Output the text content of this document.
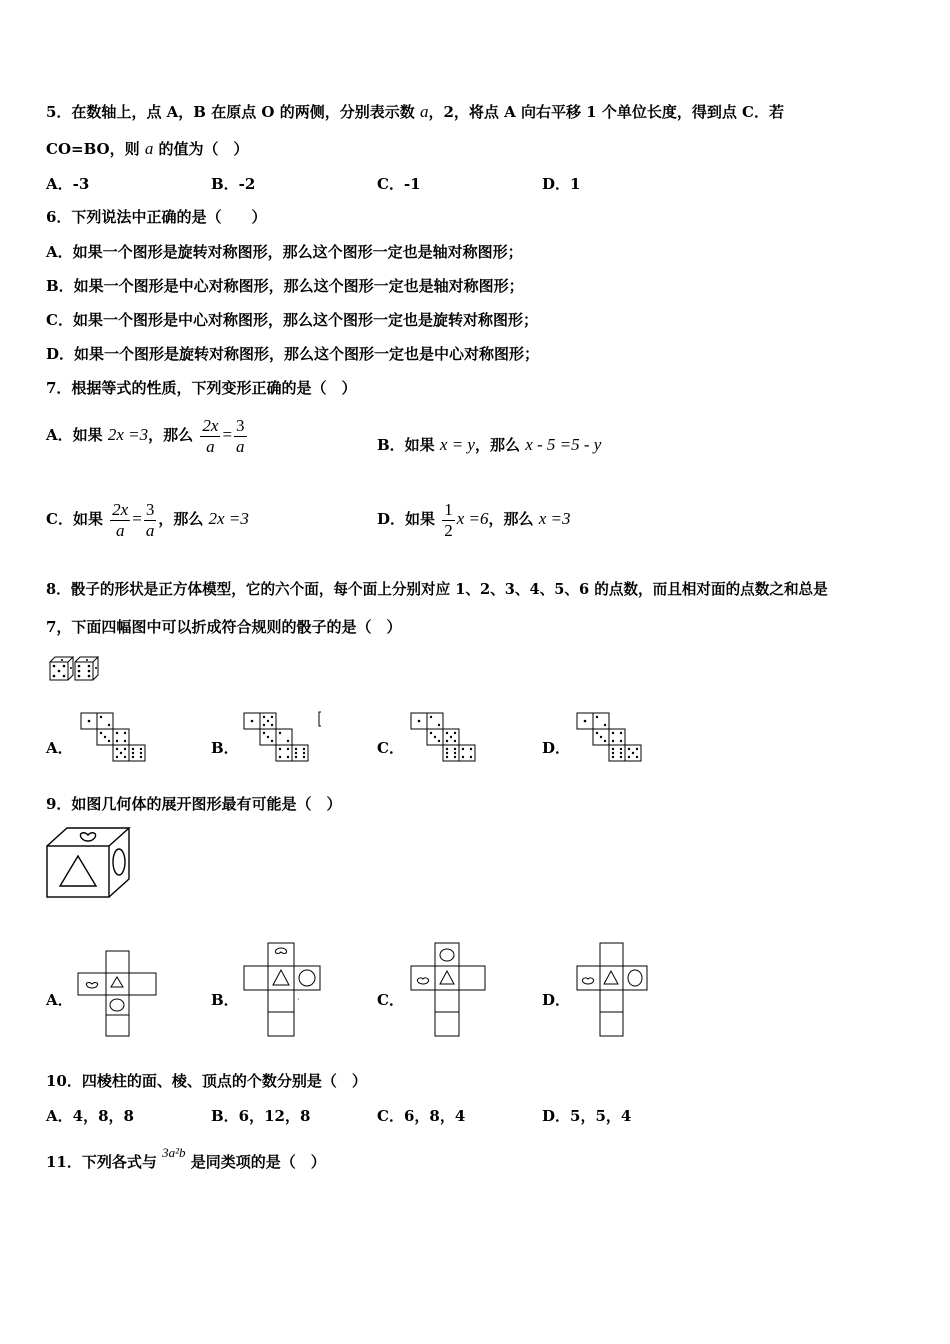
5．在数轴上，点 A，B 在原点 O 的两侧，分别表示数 a，2，将点 A 向右平移 1 个单位长度，得到点 C．若
CO=BO，则 a 的值为（　）
A．-3	B．-2	C．-1	D．1
6．下列说法中正确的是（　　）
A．如果一个图形是旋转对称图形，那么这个图形一定也是轴对称图形；
B．如果一个图形是中心对称图形，那么这个图形一定也是轴对称图形；
C．如果一个图形是中心对称图形，那么这个图形一定也是旋转对称图形；
D．如果一个图形是旋转对称图形，那么这个图形一定也是中心对称图形；
7．根据等式的性质，下列变形正确的是（　）
A．如果 2x =3，那么 $\frac{2x}{a} = \frac{3}{a}$	B．如果 x = y，那么 x - 5 =5 - y
C．如果 $\frac{2x}{a} = \frac{3}{a}$ ，那么 2x =3	D．如果 $\frac{1}{2}$ x =6，那么 x =3
8．骰子的形状是正方体模型，它的六个面，每个面上分别对应 1、2、3、4、5、6 的点数，而且相对面的点数之和总是
7，下面四幅图中可以折成符合规则的骰子的是（　）
A．	B．	C．	D．
9．如图几何体的展开图形最有可能是（　）
A．	B．	C．	D．
·
10．四棱柱的面、棱、顶点的个数分别是（　）
A．4，8，8	B．6，12，8	C．6，8，4	D．5，5，4
11．下列各式与 3a²b 是同类项的是（　）
